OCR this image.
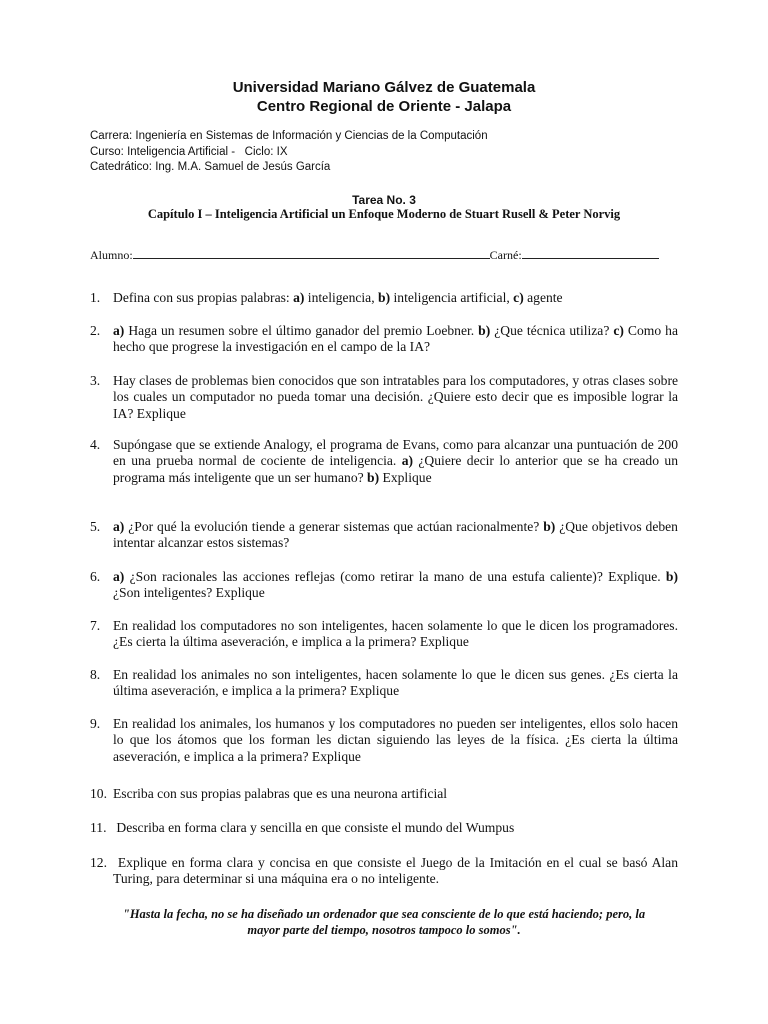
Universidad Mariano Gálvez de Guatemala
Centro Regional de Oriente - Jalapa
Carrera: Ingeniería en Sistemas de Información y Ciencias de la Computación
Curso: Inteligencia Artificial -   Ciclo: IX
Catedrático: Ing. M.A. Samuel de Jesús García
Tarea No. 3
Capítulo I – Inteligencia Artificial un Enfoque Moderno de Stuart Rusell & Peter Norvig
Alumno:	Carné:
1. Defina con sus propias palabras: a) inteligencia, b) inteligencia artificial, c) agente
2. a) Haga un resumen sobre el último ganador del premio Loebner. b) ¿Que técnica utiliza? c) Como ha hecho que progrese la investigación en el campo de la IA?
3. Hay clases de problemas bien conocidos que son intratables para los computadores, y otras clases sobre los cuales un computador no pueda tomar una decisión. ¿Quiere esto decir que es imposible lograr la IA? Explique
4. Supóngase que se extiende Analogy, el programa de Evans, como para alcanzar una puntuación de 200 en una prueba normal de cociente de inteligencia. a) ¿Quiere decir lo anterior que se ha creado un programa más inteligente que un ser humano? b) Explique
5. a) ¿Por qué la evolución tiende a generar sistemas que actúan racionalmente? b) ¿Que objetivos deben intentar alcanzar estos sistemas?
6. a) ¿Son racionales las acciones reflejas (como retirar la mano de una estufa caliente)? Explique. b) ¿Son inteligentes? Explique
7. En realidad los computadores no son inteligentes, hacen solamente lo que le dicen los programadores. ¿Es cierta la última aseveración, e implica a la primera? Explique
8. En realidad los animales no son inteligentes, hacen solamente lo que le dicen sus genes. ¿Es cierta la última aseveración, e implica a la primera? Explique
9. En realidad los animales, los humanos y los computadores no pueden ser inteligentes, ellos solo hacen lo que los átomos que los forman les dictan siguiendo las leyes de la física. ¿Es cierta la última aseveración, e implica a la primera? Explique
10. Escriba con sus propias palabras que es una neurona artificial
11. Describa en forma clara y sencilla en que consiste el mundo del Wumpus
12. Explique en forma clara y concisa en que consiste el Juego de la Imitación en el cual se basó Alan Turing, para determinar si una máquina era o no inteligente.
"Hasta la fecha, no se ha diseñado un ordenador que sea consciente de lo que está haciendo; pero, la mayor parte del tiempo, nosotros tampoco lo somos".
